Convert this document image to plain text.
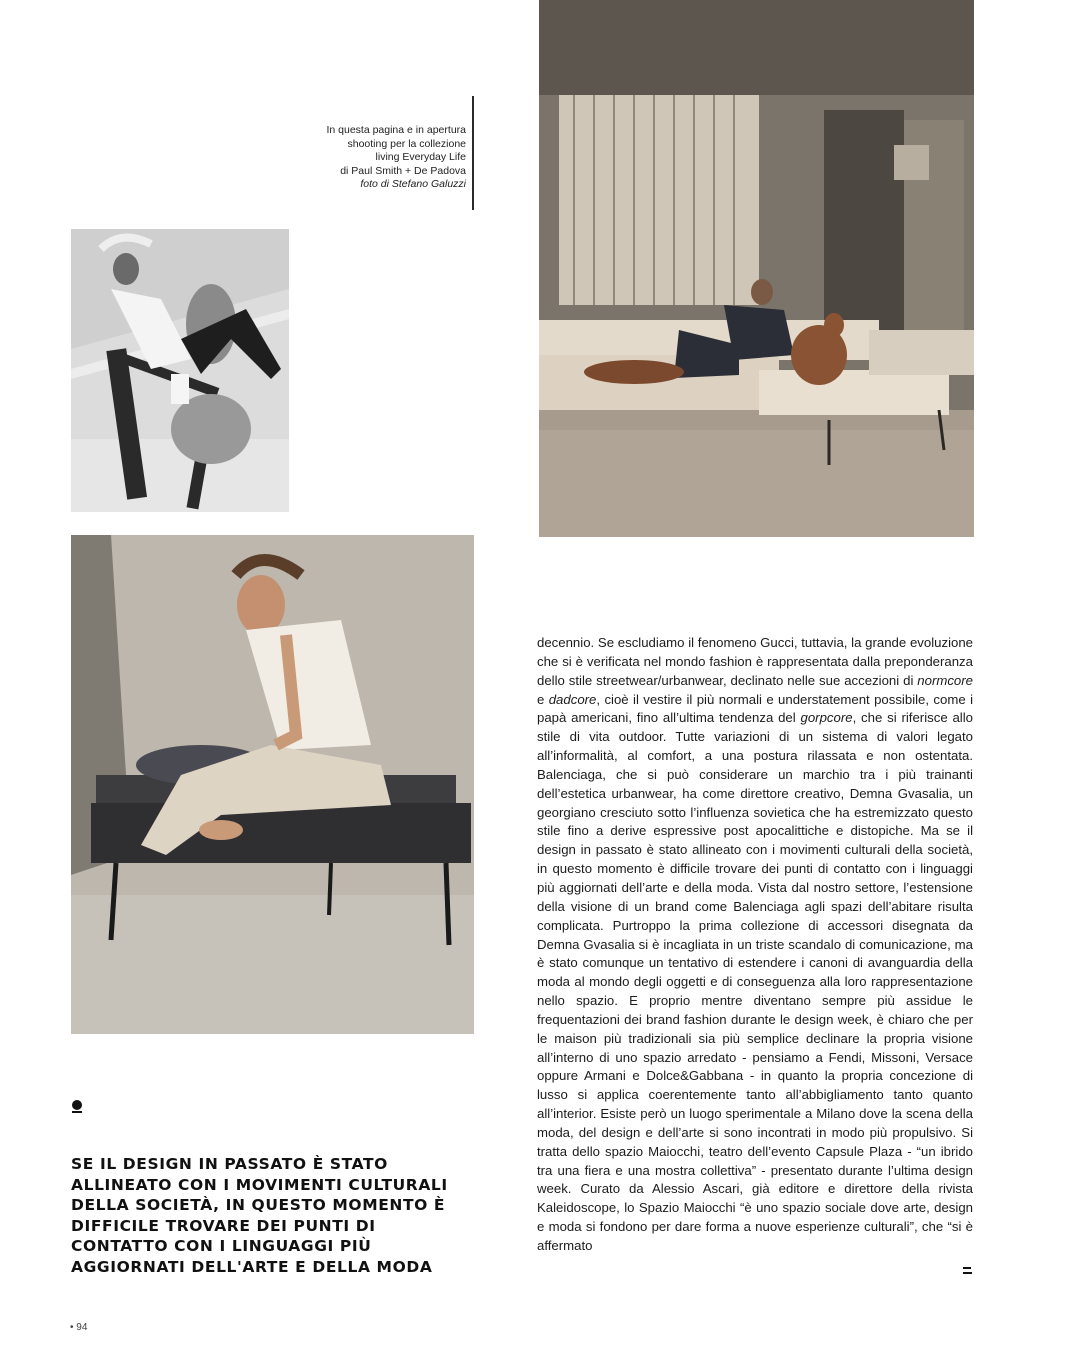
In questa pagina e in apertura
shooting per la collezione
living Everyday Life
di Paul Smith + De Padova
foto di Stefano Galuzzi
SE IL DESIGN IN PASSATO È STATO ALLINEATO CON I MOVIMENTI CULTURALI DELLA SOCIETÀ, IN QUESTO MOMENTO È DIFFICILE TROVARE DEI PUNTI DI CONTATTO CON I LINGUAGGI PIÙ AGGIORNATI DELL'ARTE E DELLA MODA
decennio. Se escludiamo il fenomeno Gucci, tuttavia, la grande evoluzione che si è verificata nel mondo fashion è rappresentata dalla preponderanza dello stile streetwear/urbanwear, declinato nelle sue accezioni di normcore e dadcore, cioè il vestire il più normali e understatement possibile, come i papà americani, fino all’ultima tendenza del gorpcore, che si riferisce allo stile di vita outdoor. Tutte variazioni di un sistema di valori legato all’informalità, al comfort, a una postura rilassata e non ostentata. Balenciaga, che si può considerare un marchio tra i più trainanti dell’estetica urbanwear, ha come direttore creativo, Demna Gvasalia, un georgiano cresciuto sotto l’influenza sovietica che ha estremizzato questo stile fino a derive espressive post apocalittiche e distopiche. Ma se il design in passato è stato allineato con i movimenti culturali della società, in questo momento è difficile trovare dei punti di contatto con i linguaggi più aggiornati dell’arte e della moda. Vista dal nostro settore, l’estensione della visione di un brand come Balenciaga agli spazi dell’abitare risulta complicata. Purtroppo la prima collezione di accessori disegnata da Demna Gvasalia si è incagliata in un triste scandalo di comunicazione, ma è stato comunque un tentativo di estendere i canoni di avanguardia della moda al mondo degli oggetti e di conseguenza alla loro rappresentazione nello spazio. E proprio mentre diventano sempre più assidue le frequentazioni dei brand fashion durante le design week, è chiaro che per le maison più tradizionali sia più semplice declinare la propria visione all’interno di uno spazio arredato - pensiamo a Fendi, Missoni, Versace oppure Armani e Dolce&Gabbana - in quanto la propria concezione di lusso si applica coerentemente tanto all’abbigliamento tanto quanto all’interior. Esiste però un luogo sperimentale a Milano dove la scena della moda, del design e dell’arte si sono incontrati in modo più propulsivo. Si tratta dello spazio Maiocchi, teatro dell’evento Capsule Plaza - “un ibrido tra una fiera e una mostra collettiva” - presentato durante l’ultima design week. Curato da Alessio Ascari, già editore e direttore della rivista Kaleidoscope, lo Spazio Maiocchi “è uno spazio sociale dove arte, design e moda si fondono per dare forma a nuove esperienze culturali”, che “si è affermato
• 94
